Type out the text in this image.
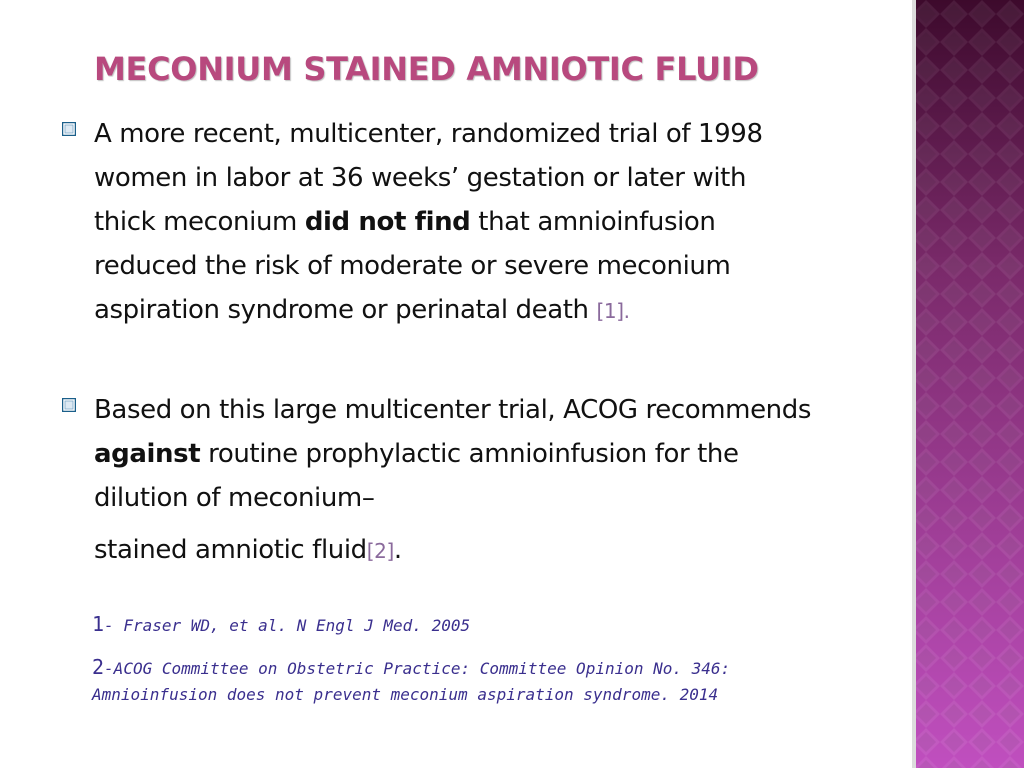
MECONIUM STAINED AMNIOTIC FLUID

A more recent, multicenter, randomized trial of 1998 women in labor at 36 weeks’ gestation or later with thick meconium did not find that amnioinfusion reduced the risk of moderate or severe meconium aspiration syndrome or perinatal death [1].

Based on this large multicenter trial, ACOG recommends against routine prophylactic amnioinfusion for the dilution of meconium–
stained amniotic fluid[2].

1- Fraser WD, et al. N Engl J Med. 2005
2-ACOG Committee on Obstetric Practice: Committee Opinion No. 346: Amnioinfusion does not prevent meconium aspiration syndrome. 2014
